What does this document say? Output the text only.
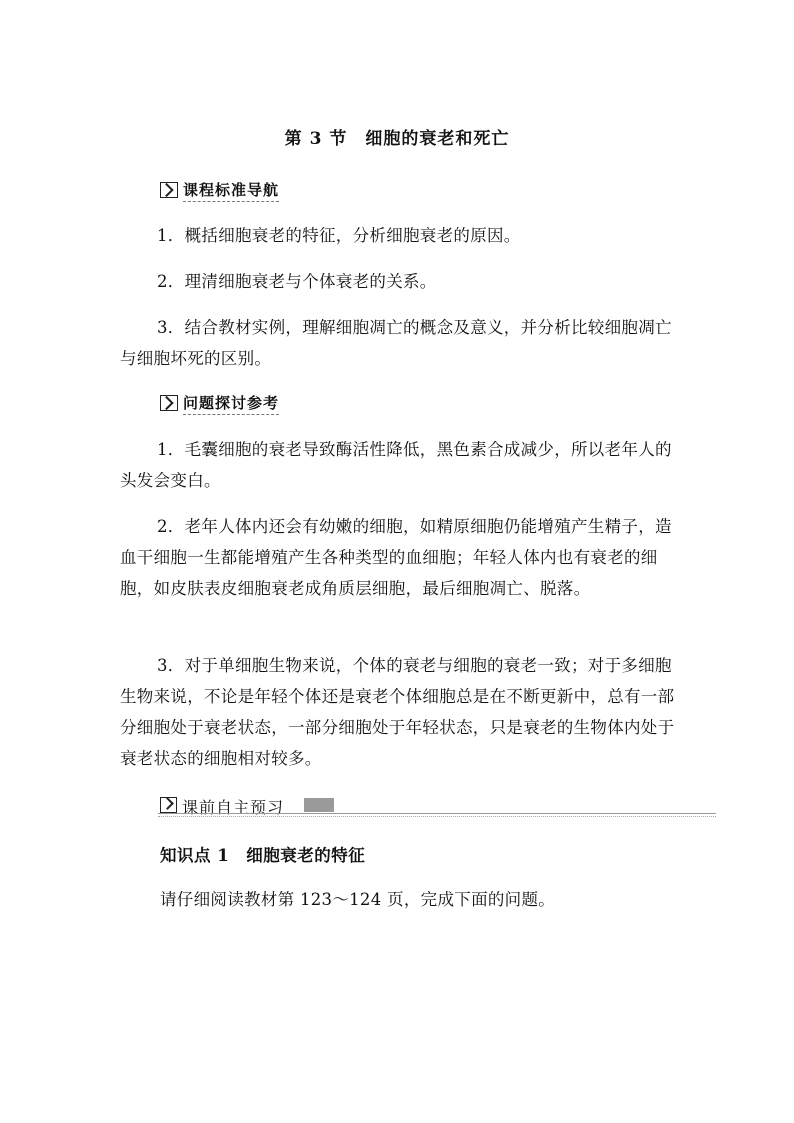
第 3 节　细胞的衰老和死亡
课程标准导航

1．概括细胞衰老的特征，分析细胞衰老的原因。

2．理清细胞衰老与个体衰老的关系。

3．结合教材实例，理解细胞凋亡的概念及意义，并分析比较细胞凋亡与细胞坏死的区别。

问题探讨参考

1．毛囊细胞的衰老导致酶活性降低，黑色素合成减少，所以老年人的头发会变白。

2．老年人体内还会有幼嫩的细胞，如精原细胞仍能增殖产生精子，造血干细胞一生都能增殖产生各种类型的血细胞；年轻人体内也有衰老的细胞，如皮肤表皮细胞衰老成角质层细胞，最后细胞凋亡、脱落。

3．对于单细胞生物来说，个体的衰老与细胞的衰老一致；对于多细胞生物来说，不论是年轻个体还是衰老个体细胞总是在不断更新中，总有一部分细胞处于衰老状态，一部分细胞处于年轻状态，只是衰老的生物体内处于衰老状态的细胞相对较多。

课前自主预习
知识点 1　细胞衰老的特征
请仔细阅读教材第 123～124 页，完成下面的问题。
